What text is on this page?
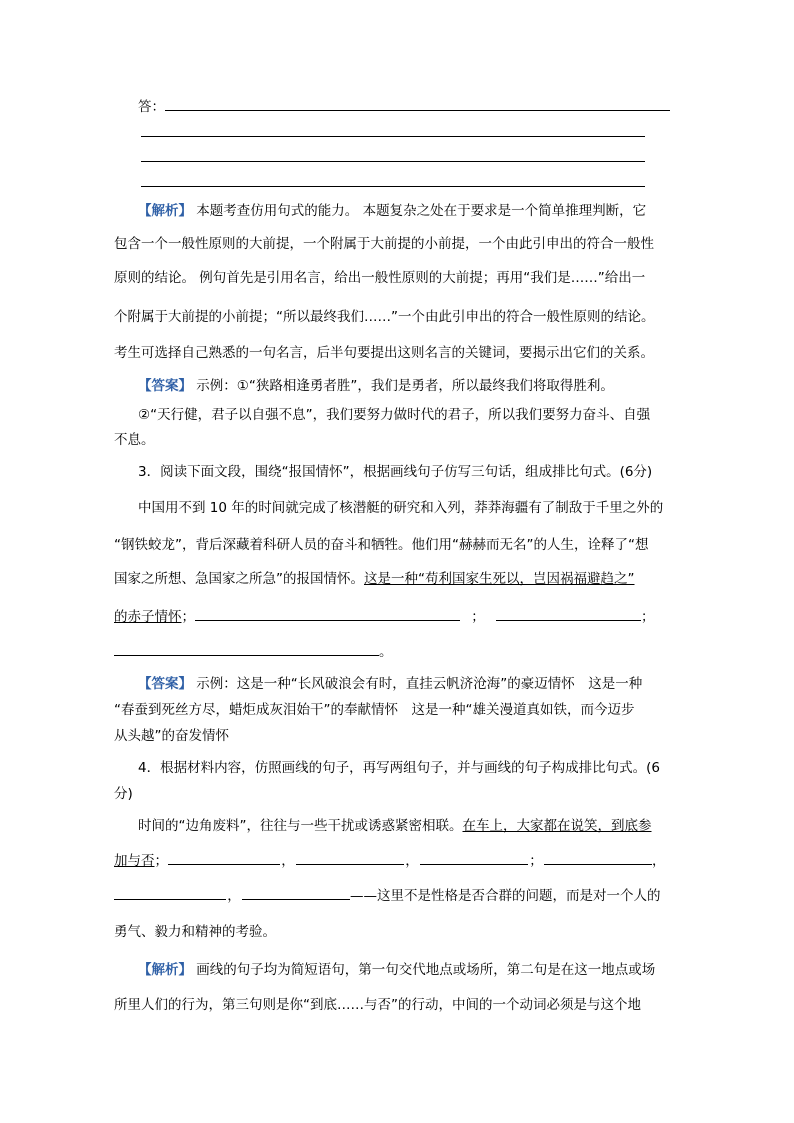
答：
【解析】 本题考查仿用句式的能力。 本题复杂之处在于要求是一个简单推理判断，它
包含一个一般性原则的大前提，一个附属于大前提的小前提，一个由此引申出的符合一般性
原则的结论。 例句首先是引用名言，给出一般性原则的大前提；再用“我们是……”给出一
个附属于大前提的小前提；“所以最终我们……”一个由此引申出的符合一般性原则的结论。
考生可选择自己熟悉的一句名言，后半句要提出这则名言的关键词，要揭示出它们的关系。
【答案】 示例：①“狭路相逢勇者胜”，我们是勇者，所以最终我们将取得胜利。
②“天行健，君子以自强不息”，我们要努力做时代的君子，所以我们要努力奋斗、自强
不息。
3．阅读下面文段，围绕“报国情怀”，根据画线句子仿写三句话，组成排比句式。(6分)
中国用不到 10 年的时间就完成了核潜艇的研究和入列，莽莽海疆有了制敌于千里之外的
“钢铁蛟龙”，背后深藏着科研人员的奋斗和牺牲。他们用“赫赫而无名”的人生，诠释了“想
国家之所想、急国家之所急”的报国情怀。这是一种“苟利国家生死以，岂因祸福避趋之”
的赤子情怀；	；	；
。
【答案】 示例：这是一种“长风破浪会有时，直挂云帆济沧海”的豪迈情怀　这是一种
“春蚕到死丝方尽，蜡炬成灰泪始干”的奉献情怀　这是一种“雄关漫道真如铁，而今迈步
从头越”的奋发情怀
4．根据材料内容，仿照画线的句子，再写两组句子，并与画线的句子构成排比句式。(6
分)
时间的“边角废料”，往往与一些干扰或诱惑紧密相联。在车上，大家都在说笑，到底参
加与否；	，	，	；	，
，	——这里不是性格是否合群的问题，而是对一个人的
勇气、毅力和精神的考验。
【解析】 画线的句子均为简短语句，第一句交代地点或场所，第二句是在这一地点或场
所里人们的行为，第三句则是你“到底……与否”的行动，中间的一个动词必须是与这个地
